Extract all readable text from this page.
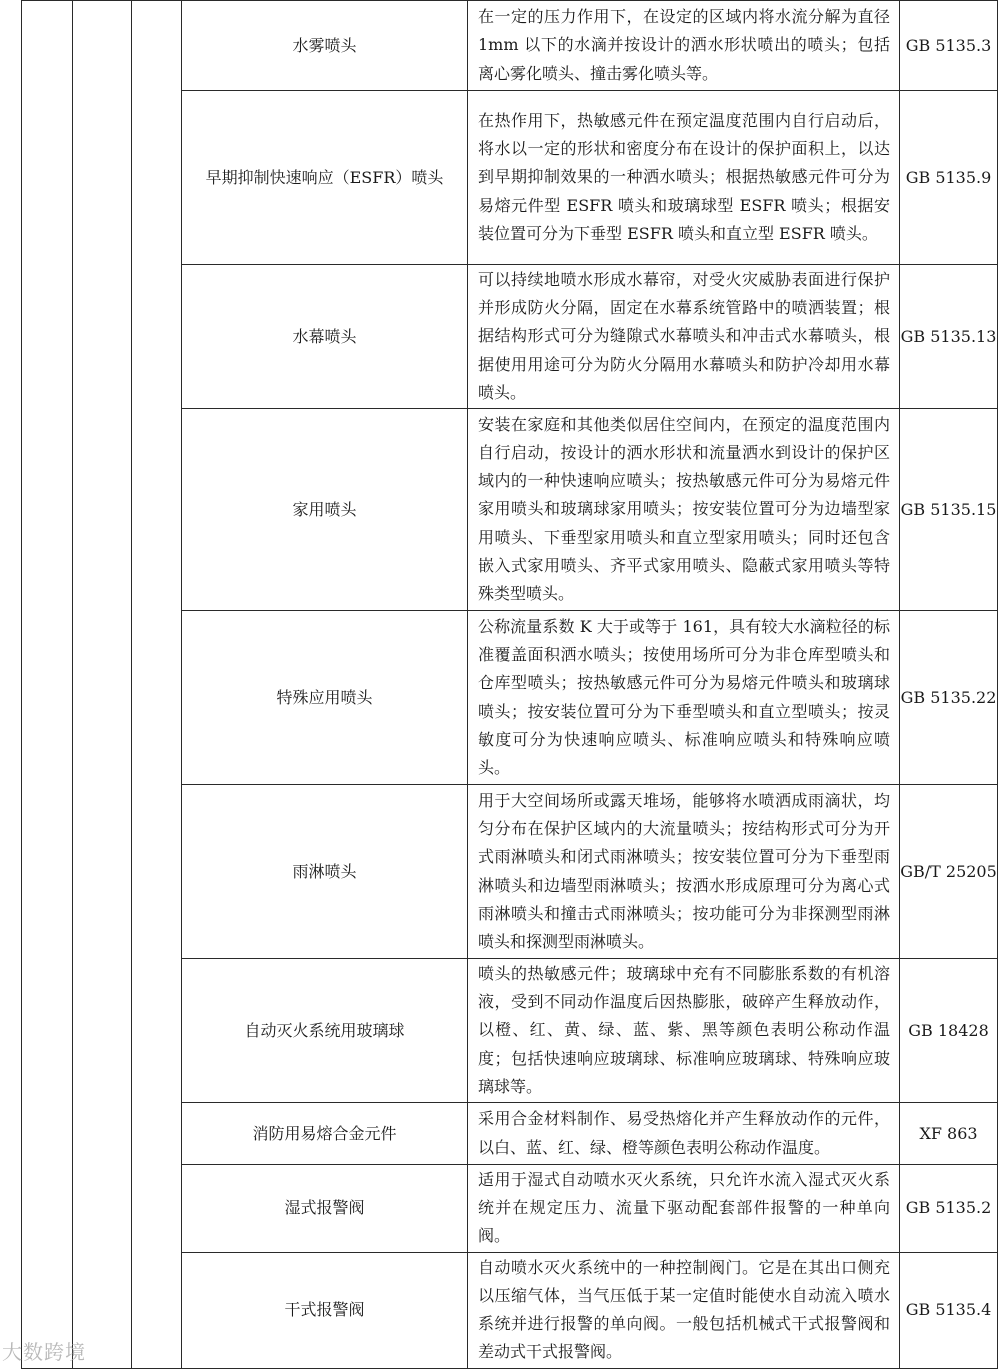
			水雾喷头	在一定的压力作用下，在设定的区域内将水流分解为直径 1mm 以下的水滴并按设计的洒水形状喷出的喷头；包括离心雾化喷头、撞击雾化喷头等。	GB 5135.3
			早期抑制快速响应（ESFR）喷头	在热作用下，热敏感元件在预定温度范围内自行启动后，将水以一定的形状和密度分布在设计的保护面积上，以达到早期抑制效果的一种洒水喷头；根据热敏感元件可分为易熔元件型 ESFR 喷头和玻璃球型 ESFR 喷头；根据安装位置可分为下垂型 ESFR 喷头和直立型 ESFR 喷头。	GB 5135.9
			水幕喷头	可以持续地喷水形成水幕帘，对受火灾威胁表面进行保护并形成防火分隔，固定在水幕系统管路中的喷洒装置；根据结构形式可分为缝隙式水幕喷头和冲击式水幕喷头，根据使用用途可分为防火分隔用水幕喷头和防护冷却用水幕喷头。	GB 5135.13
			家用喷头	安装在家庭和其他类似居住空间内，在预定的温度范围内自行启动，按设计的洒水形状和流量洒水到设计的保护区域内的一种快速响应喷头；按热敏感元件可分为易熔元件家用喷头和玻璃球家用喷头；按安装位置可分为边墙型家用喷头、下垂型家用喷头和直立型家用喷头；同时还包含嵌入式家用喷头、齐平式家用喷头、隐蔽式家用喷头等特殊类型喷头。	GB 5135.15
			特殊应用喷头	公称流量系数 K 大于或等于 161，具有较大水滴粒径的标准覆盖面积洒水喷头；按使用场所可分为非仓库型喷头和仓库型喷头；按热敏感元件可分为易熔元件喷头和玻璃球喷头；按安装位置可分为下垂型喷头和直立型喷头；按灵敏度可分为快速响应喷头、标准响应喷头和特殊响应喷头。	GB 5135.22
			雨淋喷头	用于大空间场所或露天堆场，能够将水喷洒成雨滴状，均匀分布在保护区域内的大流量喷头；按结构形式可分为开式雨淋喷头和闭式雨淋喷头；按安装位置可分为下垂型雨淋喷头和边墙型雨淋喷头；按洒水形成原理可分为离心式雨淋喷头和撞击式雨淋喷头；按功能可分为非探测型雨淋喷头和探测型雨淋喷头。	GB/T 25205
			自动灭火系统用玻璃球	喷头的热敏感元件；玻璃球中充有不同膨胀系数的有机溶液，受到不同动作温度后因热膨胀，破碎产生释放动作，以橙、红、黄、绿、蓝、紫、黑等颜色表明公称动作温度；包括快速响应玻璃球、标准响应玻璃球、特殊响应玻璃球等。	GB 18428
			消防用易熔合金元件	采用合金材料制作、易受热熔化并产生释放动作的元件，以白、蓝、红、绿、橙等颜色表明公称动作温度。	XF 863
			湿式报警阀	适用于湿式自动喷水灭火系统，只允许水流入湿式灭火系统并在规定压力、流量下驱动配套部件报警的一种单向阀。	GB 5135.2
			干式报警阀	自动喷水灭火系统中的一种控制阀门。它是在其出口侧充以压缩气体，当气压低于某一定值时能使水自动流入喷水系统并进行报警的单向阀。一般包括机械式干式报警阀和差动式干式报警阀。	GB 5135.4
大数跨境
